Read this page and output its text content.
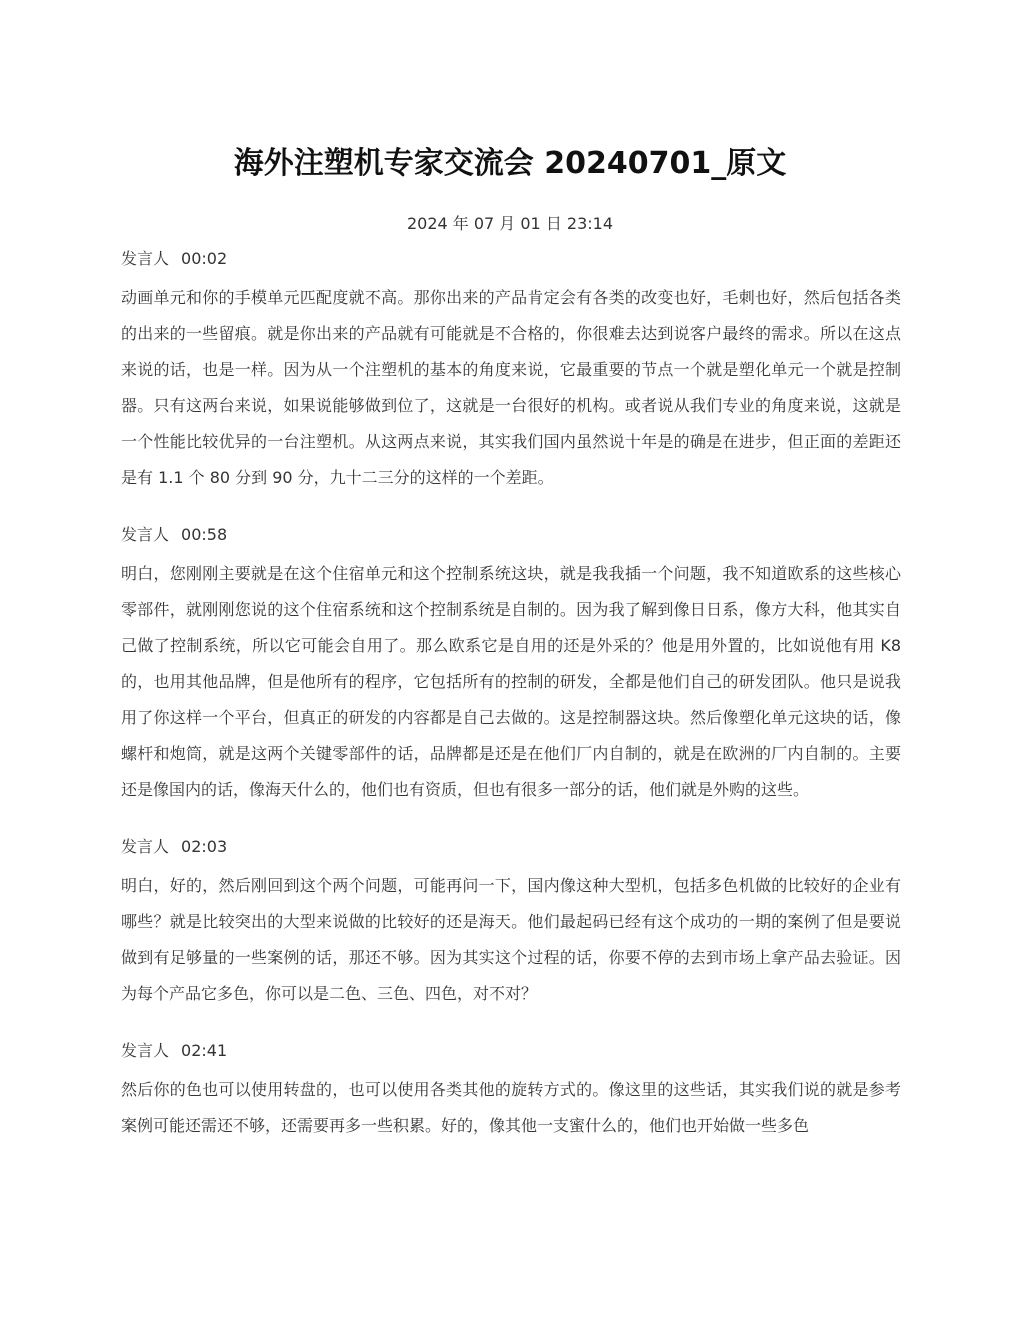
海外注塑机专家交流会 20240701_原文
2024 年 07 月 01 日 23:14
发言人 00:02

动画单元和你的手模单元匹配度就不高。那你出来的产品肯定会有各类的改变也好，毛刺也好，然后包括各类的出来的一些留痕。就是你出来的产品就有可能就是不合格的，你很难去达到说客户最终的需求。所以在这点来说的话，也是一样。因为从一个注塑机的基本的角度来说，它最重要的节点一个就是塑化单元一个就是控制器。只有这两台来说，如果说能够做到位了，这就是一台很好的机构。或者说从我们专业的角度来说，这就是一个性能比较优异的一台注塑机。从这两点来说，其实我们国内虽然说十年是的确是在进步，但正面的差距还是有 1.1 个 80 分到 90 分，九十二三分的这样的一个差距。

发言人 00:58

明白，您刚刚主要就是在这个住宿单元和这个控制系统这块，就是我我插一个问题，我不知道欧系的这些核心零部件，就刚刚您说的这个住宿系统和这个控制系统是自制的。因为我了解到像日日系，像方大科，他其实自己做了控制系统，所以它可能会自用了。那么欧系它是自用的还是外采的？他是用外置的，比如说他有用 K8 的，也用其他品牌，但是他所有的程序，它包括所有的控制的研发，全都是他们自己的研发团队。他只是说我用了你这样一个平台，但真正的研发的内容都是自己去做的。这是控制器这块。然后像塑化单元这块的话，像螺杆和炮筒，就是这两个关键零部件的话，品牌都是还是在他们厂内自制的，就是在欧洲的厂内自制的。主要还是像国内的话，像海天什么的，他们也有资质，但也有很多一部分的话，他们就是外购的这些。

发言人 02:03

明白，好的，然后刚回到这个两个问题，可能再问一下，国内像这种大型机，包括多色机做的比较好的企业有哪些？就是比较突出的大型来说做的比较好的还是海天。他们最起码已经有这个成功的一期的案例了但是要说做到有足够量的一些案例的话，那还不够。因为其实这个过程的话，你要不停的去到市场上拿产品去验证。因为每个产品它多色，你可以是二色、三色、四色，对不对？

发言人 02:41

然后你的色也可以使用转盘的，也可以使用各类其他的旋转方式的。像这里的这些话，其实我们说的就是参考案例可能还需还不够，还需要再多一些积累。好的，像其他一支蜜什么的，他们也开始做一些多色
